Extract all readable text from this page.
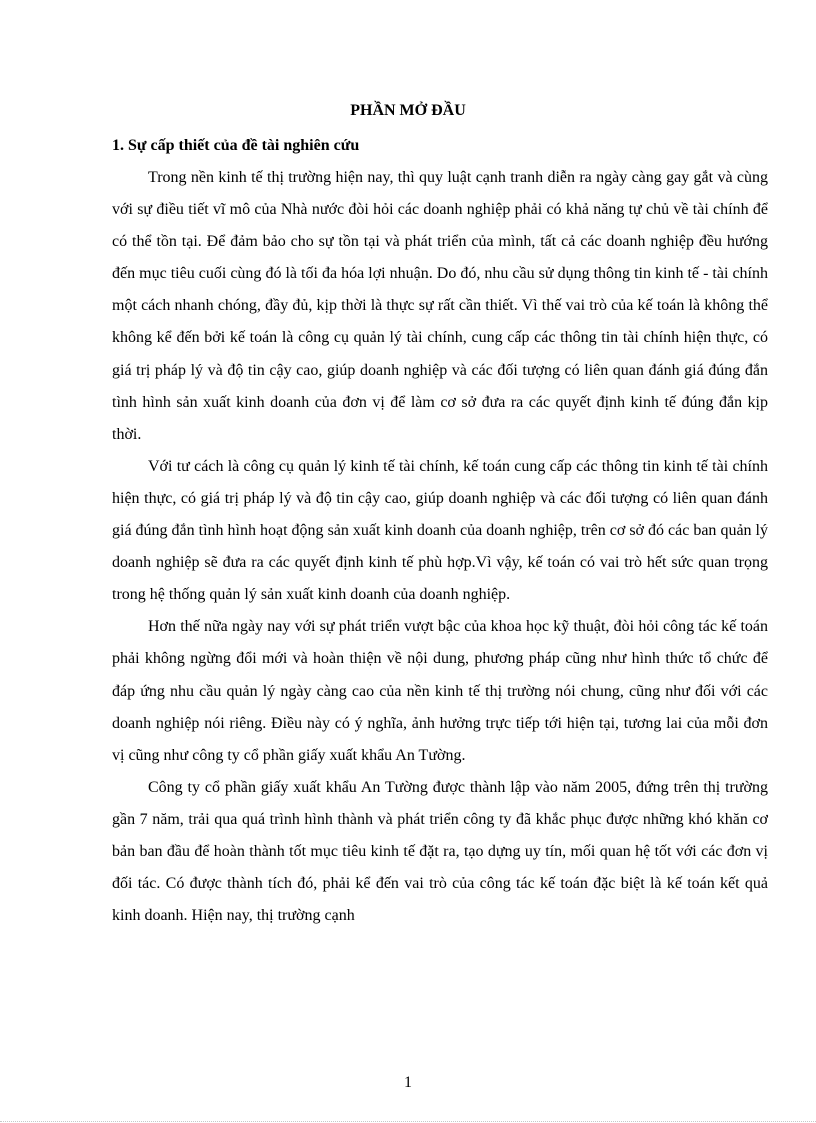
PHẦN MỞ ĐẦU
1. Sự cấp thiết của đề tài nghiên cứu

Trong nền kinh tế thị trường hiện nay, thì quy luật cạnh tranh diễn ra ngày càng gay gắt và cùng với sự điều tiết vĩ mô của Nhà nước đòi hỏi các doanh nghiệp phải có khả năng tự chủ về tài chính để có thể tồn tại. Để đảm bảo cho sự tồn tại và phát triển của mình, tất cả các doanh nghiệp đều hướng đến mục tiêu cuối cùng đó là tối đa hóa lợi nhuận. Do đó, nhu cầu sử dụng thông tin kinh tế - tài chính một cách nhanh chóng, đầy đủ, kịp thời là thực sự rất cần thiết. Vì thế vai trò của kế toán là không thể không kể đến bởi kế toán là công cụ quản lý tài chính, cung cấp các thông tin tài chính hiện thực, có giá trị pháp lý và độ tin cậy cao, giúp doanh nghiệp và các đối tượng có liên quan đánh giá đúng đắn tình hình sản xuất kinh doanh của đơn vị để làm cơ sở đưa ra các quyết định kinh tế đúng đắn kịp thời.

Với tư cách là công cụ quản lý kinh tế tài chính, kế toán cung cấp các thông tin kinh tế tài chính hiện thực, có giá trị pháp lý và độ tin cậy cao, giúp doanh nghiệp và các đối tượng có liên quan đánh giá đúng đắn tình hình hoạt động sản xuất kinh doanh của doanh nghiệp, trên cơ sở đó các ban quản lý doanh nghiệp sẽ đưa ra các quyết định kinh tế phù hợp.Vì vậy, kế toán có vai trò hết sức quan trọng trong hệ thống quản lý sản xuất kinh doanh của doanh nghiệp.

Hơn thế nữa ngày nay với sự phát triển vượt bậc của khoa học kỹ thuật, đòi hỏi công tác kế toán phải không ngừng đổi mới và hoàn thiện về nội dung, phương pháp cũng như hình thức tổ chức để đáp ứng nhu cầu quản lý ngày càng cao của nền kinh tế thị trường nói chung, cũng như đối với các doanh nghiệp nói riêng. Điều này có ý nghĩa, ảnh hưởng trực tiếp tới hiện tại, tương lai của mỗi đơn vị cũng như công ty cổ phần giấy xuất khẩu An Tường.

Công ty cổ phần giấy xuất khẩu An Tường được thành lập vào năm 2005, đứng trên thị trường gần 7 năm, trải qua quá trình hình thành và phát triển công ty đã khắc phục được những khó khăn cơ bản ban đầu để hoàn thành tốt mục tiêu kinh tế đặt ra, tạo dựng uy tín, mối quan hệ tốt với các đơn vị đối tác. Có được thành tích đó, phải kể đến vai trò của công tác kế toán đặc biệt là kế toán kết quả kinh doanh. Hiện nay, thị trường cạnh

1
